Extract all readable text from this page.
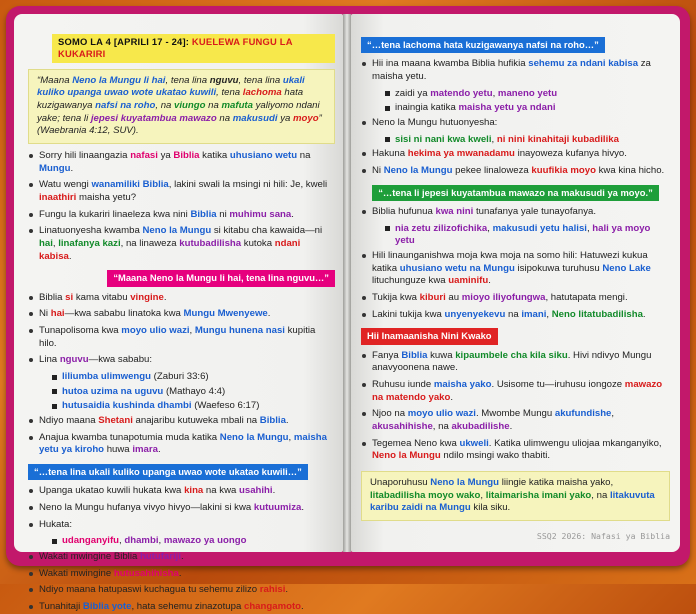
SOMO LA 4 [APRILI 17 - 24]: KUELEWA FUNGU LA KUKARIRI
“Maana Neno la Mungu li hai, tena lina nguvu, tena lina ukali kuliko upanga uwao wote ukatao kuwili, tena lachoma hata kuzigawanya nafsi na roho, na viungo na mafuta yaliyomo ndani yake; tena li jepesi kuyatambua mawazo na makusudi ya moyo” (Waebrania 4:12, SUV).
Sorry hili linaangazia nafasi ya Biblia katika uhusiano wetu na Mungu.
Watu wengi wanamiliki Biblia, lakini swali la msingi ni hili: Je, kweli inaathiri maisha yetu?
Fungu la kukariri linaeleza kwa nini Biblia ni muhimu sana.
Linatuonyesha kwamba Neno la Mungu si kitabu cha kawaida—ni hai, linafanya kazi, na linaweza kutubadilisha kutoka ndani kabisa.
“Maana Neno la Mungu li hai, tena lina nguvu…”
Biblia si kama vitabu vingine.
Ni hai—kwa sababu linatoka kwa Mungu Mwenyewe.
Tunapolisoma kwa moyo ulio wazi, Mungu hunena nasi kupitia hilo.
Lina nguvu—kwa sababu:
liliumba ulimwengu (Zaburi 33:6)
hutoa uzima na uguvu (Mathayo 4:4)
hutusaidia kushinda dhambi (Waefeso 6:17)
Ndiyo maana Shetani anajaribu kutuweka mbali na Biblia.
Anajua kwamba tunapotumia muda katika Neno la Mungu, maisha yetu ya kiroho huwa imara.
“…tena lina ukali kuliko upanga uwao wote ukatao kuwili…”
Upanga ukatao kuwili hukata kwa kina na kwa usahihi.
Neno la Mungu hufanya vivyo hivyo—lakini si kwa kutuumiza.
Hukata:
udanganyifu, dhambi, mawazo ya uongo
Wakati mwingine Biblia hutufariji.
Wakati mwingine hutusahihisha.
Ndiyo maana hatupaswi kuchagua tu sehemu zilizo rahisi.
Tunahitaji Biblia yote, hata sehemu zinazotupa changamoto.
“…tena lachoma hata kuzigawanya nafsi na roho…”
Hii ina maana kwamba Biblia hufikia sehemu za ndani kabisa za maisha yetu.
zaidi ya matendo yetu, maneno yetu
inaingia katika maisha yetu ya ndani
Neno la Mungu hutuonyesha:
sisi ni nani kwa kweli, ni nini kinahitaji kubadilika
Hakuna hekima ya mwanadamu inayoweza kufanya hivyo.
Ni Neno la Mungu pekee linaloweza kuufikia moyo kwa kina hicho.
“…tena li jepesi kuyatambua mawazo na makusudi ya moyo.”
Biblia hufunua kwa nini tunafanya yale tunayofanya.
nia zetu zilizofichika, makusudi yetu halisi, hali ya moyo yetu
Hili linaunganishwa moja kwa moja na somo hili: Hatuwezi kukua katika uhusiano wetu na Mungu isipokuwa turuhusu Neno Lake lituchunguze kwa uaminifu.
Tukija kwa kiburi au mioyo iliyofungwa, hatutapata mengi.
Lakini tukija kwa unyenyekevu na imani, Neno litatubadilisha.
Hii Inamaanisha Nini Kwako
Fanya Biblia kuwa kipaumbele cha kila siku. Hivi ndivyo Mungu anavyoonena nawe.
Ruhusu iunde maisha yako. Usisome tu—iruhusu iongoze mawazo na matendo yako.
Njoo na moyo ulio wazi. Mwombe Mungu akufundishe, akusahihishe, na akubadilishe.
Tegemea Neno kwa ukweli. Katika ulimwengu uliojaa mkanganyiko, Neno la Mungu ndilo msingi wako thabiti.
Unaporuhusu Neno la Mungu liingie katika maisha yako, litabadilisha moyo wako, litaimarisha imani yako, na litakuvuta karibu zaidi na Mungu kila siku.
SSQ2 2026: Nafasi ya Biblia
